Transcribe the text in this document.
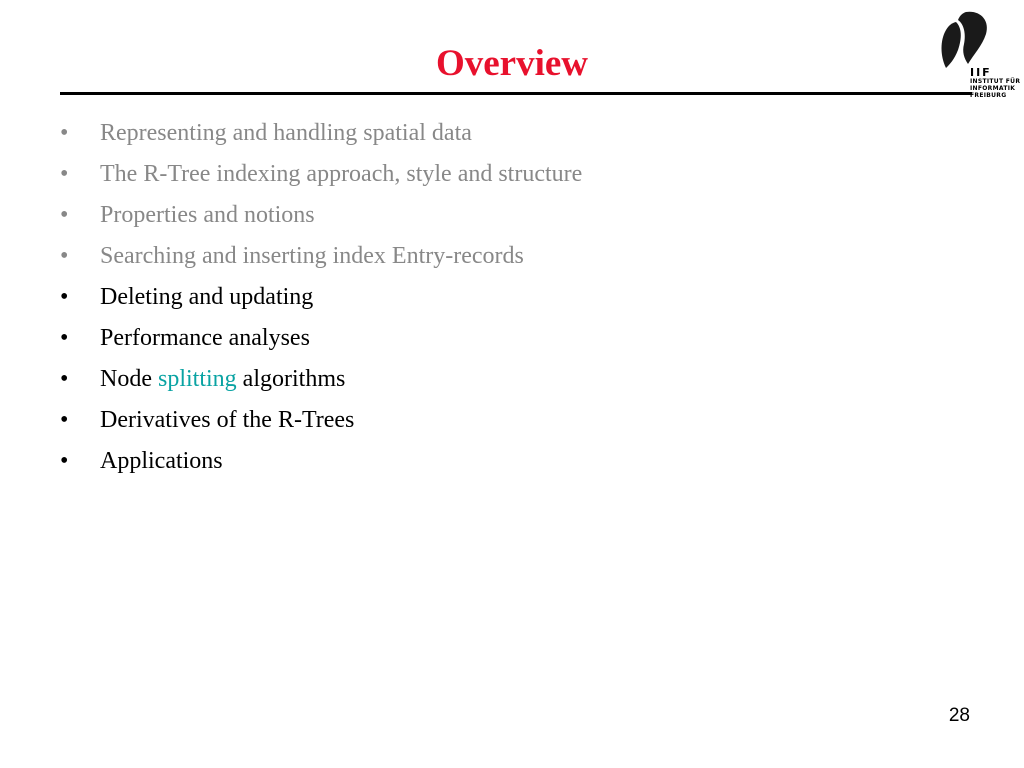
Overview	IIF
INSTITUT FÜR
INFORMATIK
FREIBURG
• Representing and handling spatial data
• The R-Tree indexing approach, style and structure
• Properties and notions
• Searching and inserting index Entry-records
• Deleting and updating
• Performance analyses
• Node splitting algorithms
• Derivatives of the R-Trees
• Applications
28
